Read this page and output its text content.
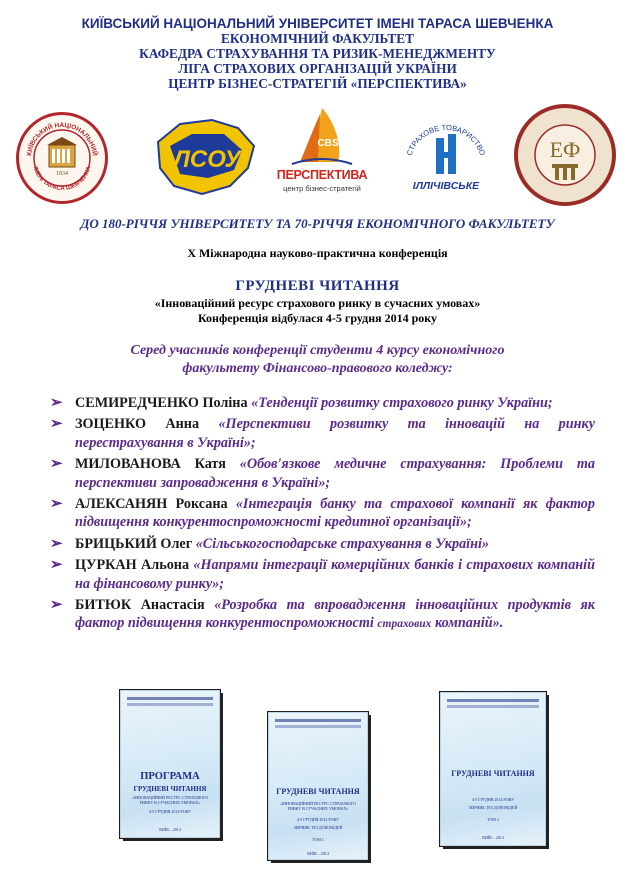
КИЇВСЬКИЙ НАЦІОНАЛЬНИЙ УНІВЕРСИТЕТ ІМЕНІ ТАРАСА ШЕВЧЕНКА
ЕКОНОМІЧНИЙ ФАКУЛЬТЕТ
КАФЕДРА СТРАХУВАННЯ ТА РИЗИК-МЕНЕДЖМЕНТУ
ЛІГА СТРАХОВИХ ОРГАНІЗАЦІЙ УКРАЇНИ
ЦЕНТР БІЗНЕС-СТРАТЕГІЙ «ПЕРСПЕКТИВА»
КИЇВСЬКИЙ НАЦІОНАЛЬНИЙ
ІМЕНІ ТАРАСА ШЕВЧЕНКА
1834
ЛСОУ
CBS
ПЕРСПЕКТИВА
центр бізнес-стратегій
СТРАХОВЕ ТОВАРИСТВО
ІЛЛІЧІВСЬКЕ
ЕКОНОМІЧНИЙ ФАКУЛЬТЕТ
ЕФ
ДО 180-РІЧЧЯ УНІВЕРСИТЕТУ ТА 70-РІЧЧЯ ЕКОНОМІЧНОГО ФАКУЛЬТЕТУ
Х Міжнародна науково-практична конференція
ГРУДНЕВІ ЧИТАННЯ
«Інноваційний ресурс страхового ринку в сучасних умовах»
Конференція відбулася 4-5 грудня 2014 року
Серед учасників конференції студенти 4 курсу економічного
факультету Фінансово-правового коледжу:
➢ СЕМИРЕДЧЕНКО Поліна «Тенденції розвитку страхового ринку України;
➢ ЗОЦЕНКО Анна «Перспективи розвитку та інновацій на ринку перестрахування в Україні»;
➢ МИЛОВАНОВА Катя «Обов'язкове медичне страхування: Проблеми та перспективи запровадження в Україні»;
➢ АЛЕКСАНЯН Роксана «Інтеграція банку та страхової компанії як фактор підвищення конкурентоспроможності кредитної організації»;
➢ БРИЦЬКИЙ Олег «Сільськогосподарське страхування в Україні»
➢ ЦУРКАН Альона «Напрями інтеграції комерційних банків і страхових компаній на фінансовому ринку»;
➢ БИТЮК Анастасія «Розробка та впровадження інноваційних продуктів як фактор підвищення конкурентоспроможності страхових компаній».
ПРОГРАМА
ГРУДНЕВІ ЧИТАННЯ
«ІННОВАЦІЙНИЙ РЕСУРС СТРАХОВОГО РИНКУ В СУЧАСНИХ УМОВАХ»
4-5 ГРУДНЯ 2014 РОКУ
КИЇВ – 2014
ГРУДНЕВІ ЧИТАННЯ
«ІННОВАЦІЙНИЙ РЕСУРС СТРАХОВОГО РИНКУ В СУЧАСНИХ УМОВАХ»
4-5 ГРУДНЯ 2014 РОКУ
ЗБІРНИК ТЕЗ ДОПОВІДЕЙ
ТОМ 1
КИЇВ – 2014
ГРУДНЕВІ ЧИТАННЯ
4-5 ГРУДНЯ 2014 РОКУ
ЗБІРНИК ТЕЗ ДОПОВІДЕЙ
ТОМ 2
КИЇВ – 2014
